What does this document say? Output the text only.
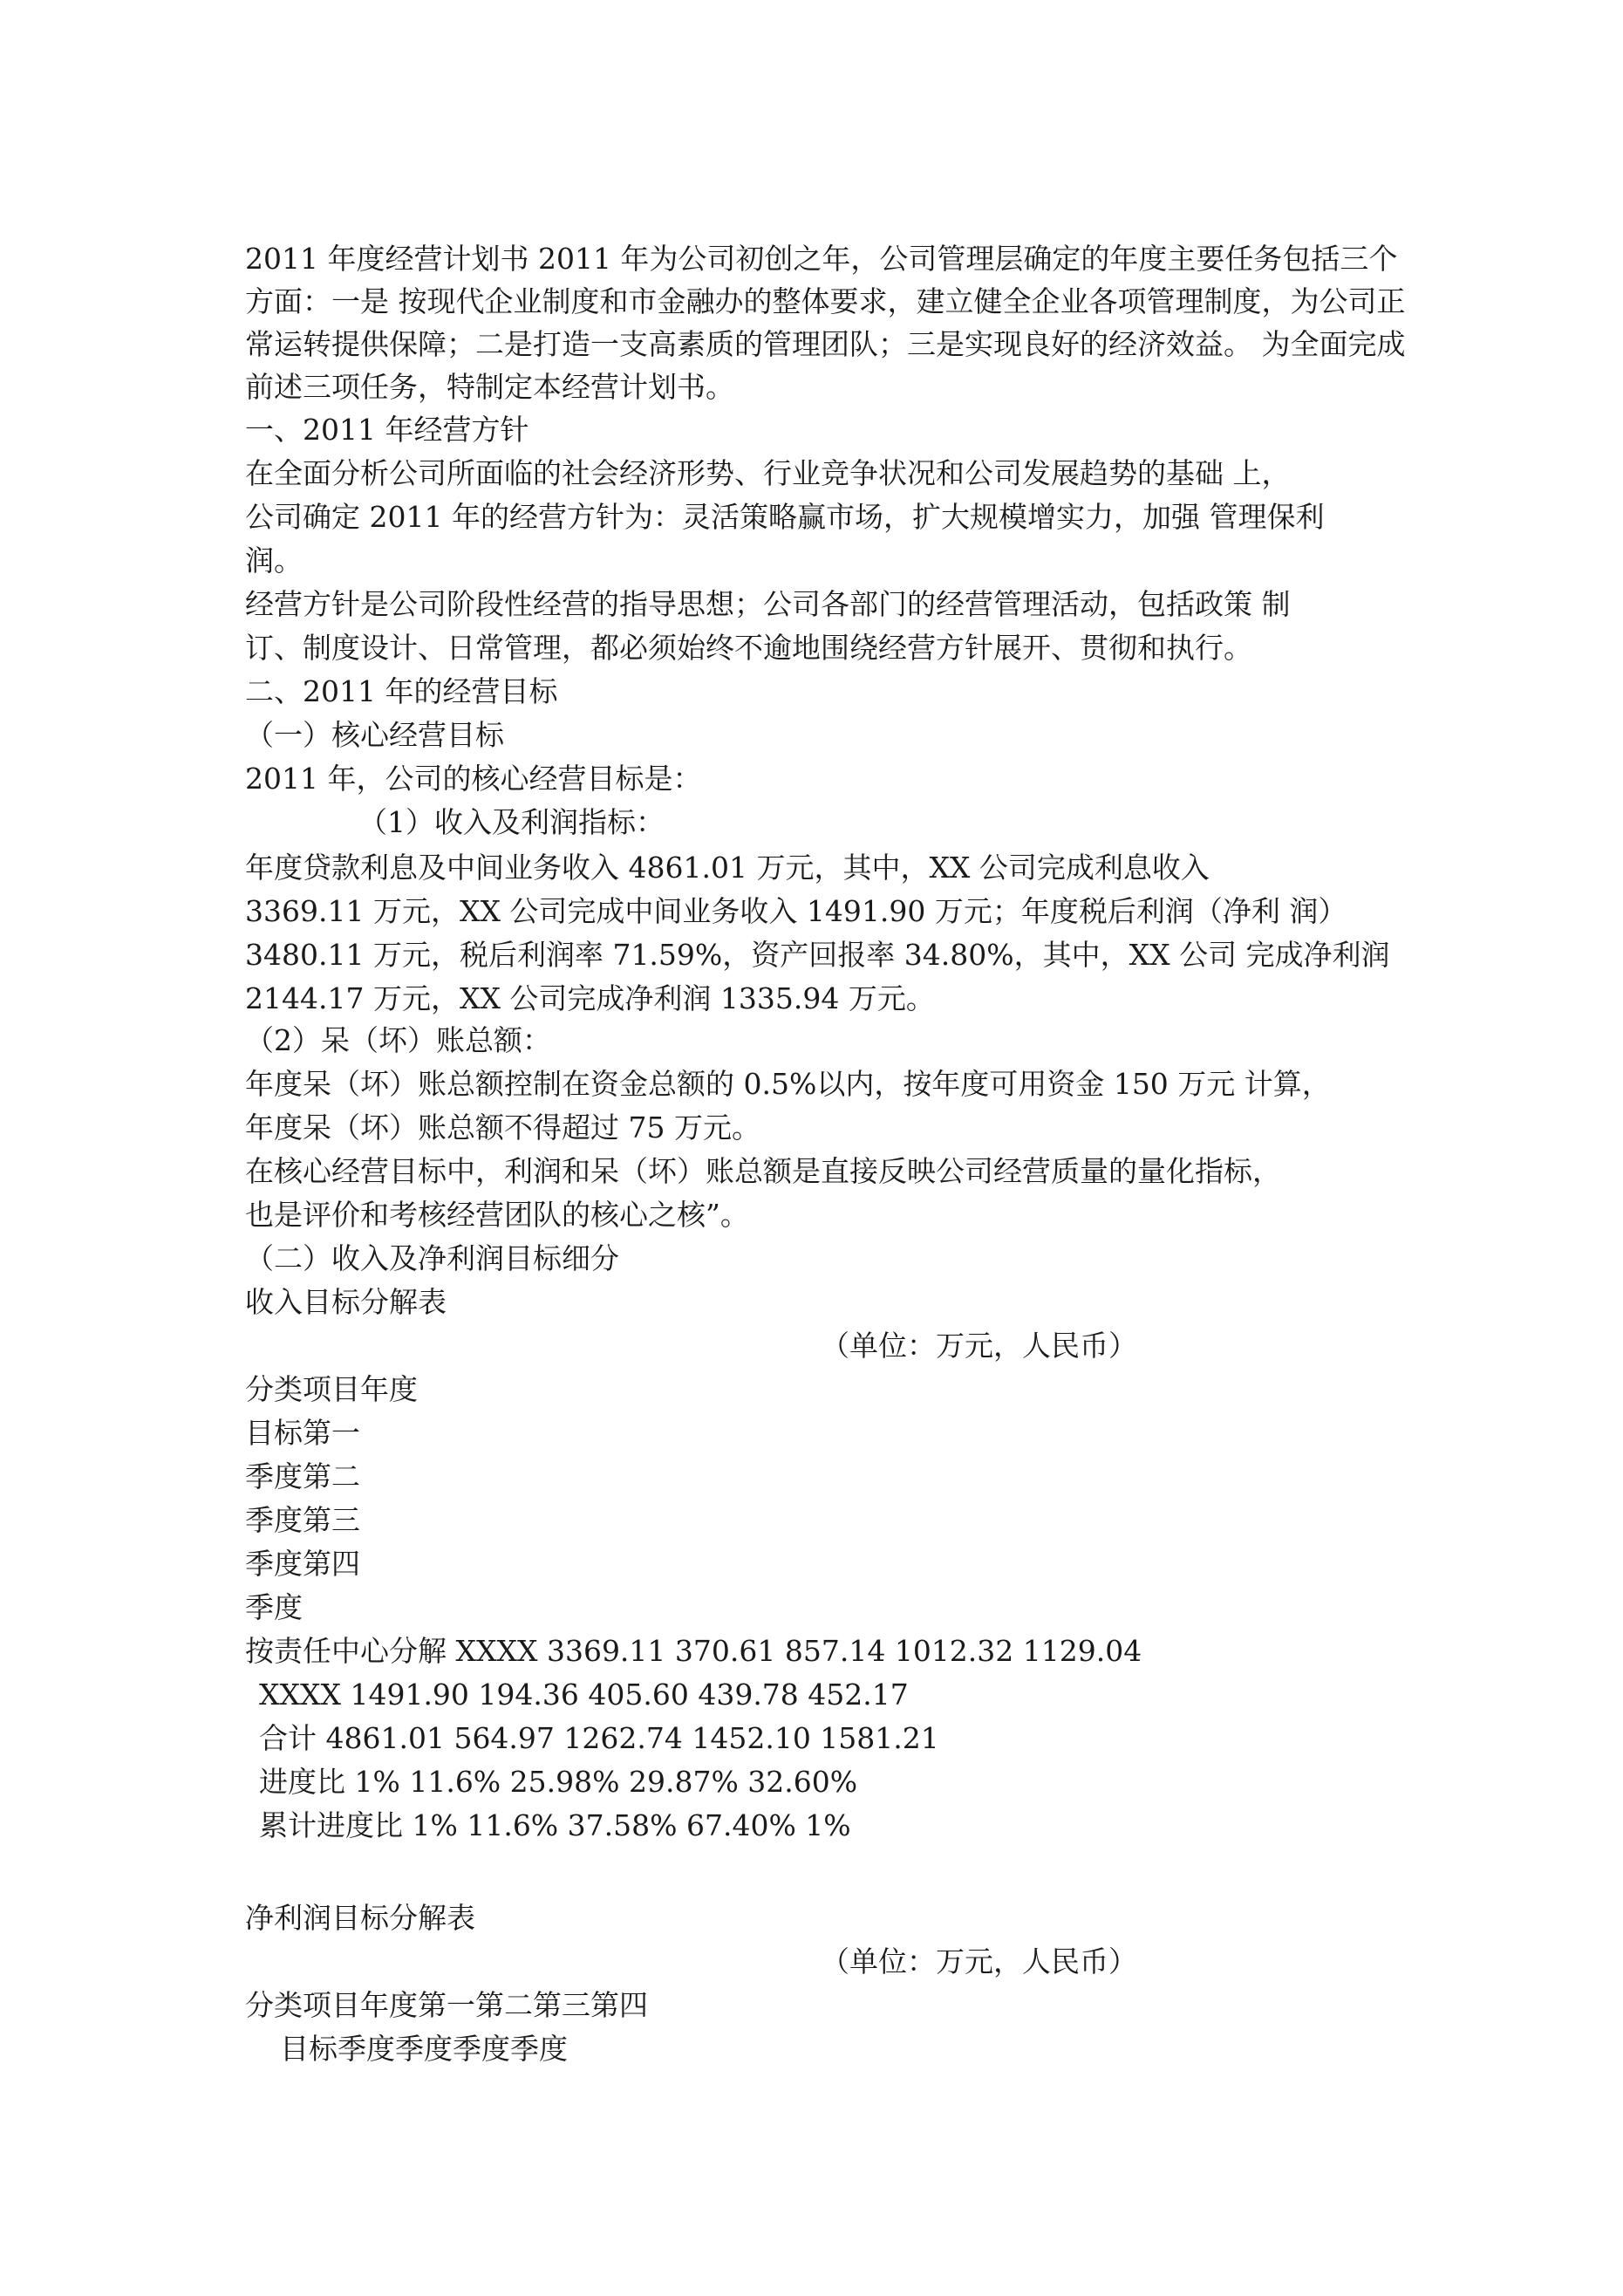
2011 年度经营计划书 2011 年为公司初创之年，公司管理层确定的年度主要任务包括三个方面：一是 按现代企业制度和市金融办的整体要求，建立健全企业各项管理制度，为公司正 常运转提供保障；二是打造一支高素质的管理团队；三是实现良好的经济效益。 为全面完成前述三项任务，特制定本经营计划书。
一、2011 年经营方针
在全面分析公司所面临的社会经济形势、行业竞争状况和公司发展趋势的基础 上，
公司确定 2011 年的经营方针为：灵活策略赢市场，扩大规模增实力，加强 管理保利
润。
经营方针是公司阶段性经营的指导思想；公司各部门的经营管理活动，包括政策 制
订、制度设计、日常管理，都必须始终不逾地围绕经营方针展开、贯彻和执行。
二、2011 年的经营目标
（一）核心经营目标
2011 年，公司的核心经营目标是：
（1）收入及利润指标：
年度贷款利息及中间业务收入 4861.01 万元，其中，XX 公司完成利息收入
3369.11 万元，XX 公司完成中间业务收入 1491.90 万元；年度税后利润（净利 润）
3480.11 万元，税后利润率 71.59%，资产回报率 34.80%，其中，XX 公司 完成净利润
2144.17 万元，XX 公司完成净利润 1335.94 万元。
（2）呆（坏）账总额：
年度呆（坏）账总额控制在资金总额的 0.5%以内，按年度可用资金 150 万元 计算，
年度呆（坏）账总额不得超过 75 万元。
在核心经营目标中，利润和呆（坏）账总额是直接反映公司经营质量的量化指标，
也是评价和考核经营团队的核心之核”。
（二）收入及净利润目标细分
收入目标分解表
（单位：万元，人民币）
分类项目年度
目标第一
季度第二
季度第三
季度第四
季度
按责任中心分解 XXXX 3369.11 370.61 857.14 1012.32 1129.04
XXXX 1491.90 194.36 405.60 439.78 452.17
合计 4861.01 564.97 1262.74 1452.10 1581.21
进度比 1% 11.6% 25.98% 29.87% 32.60%
累计进度比 1% 11.6% 37.58% 67.40% 1%
净利润目标分解表
（单位：万元，人民币）
分类项目年度第一第二第三第四
目标季度季度季度季度
